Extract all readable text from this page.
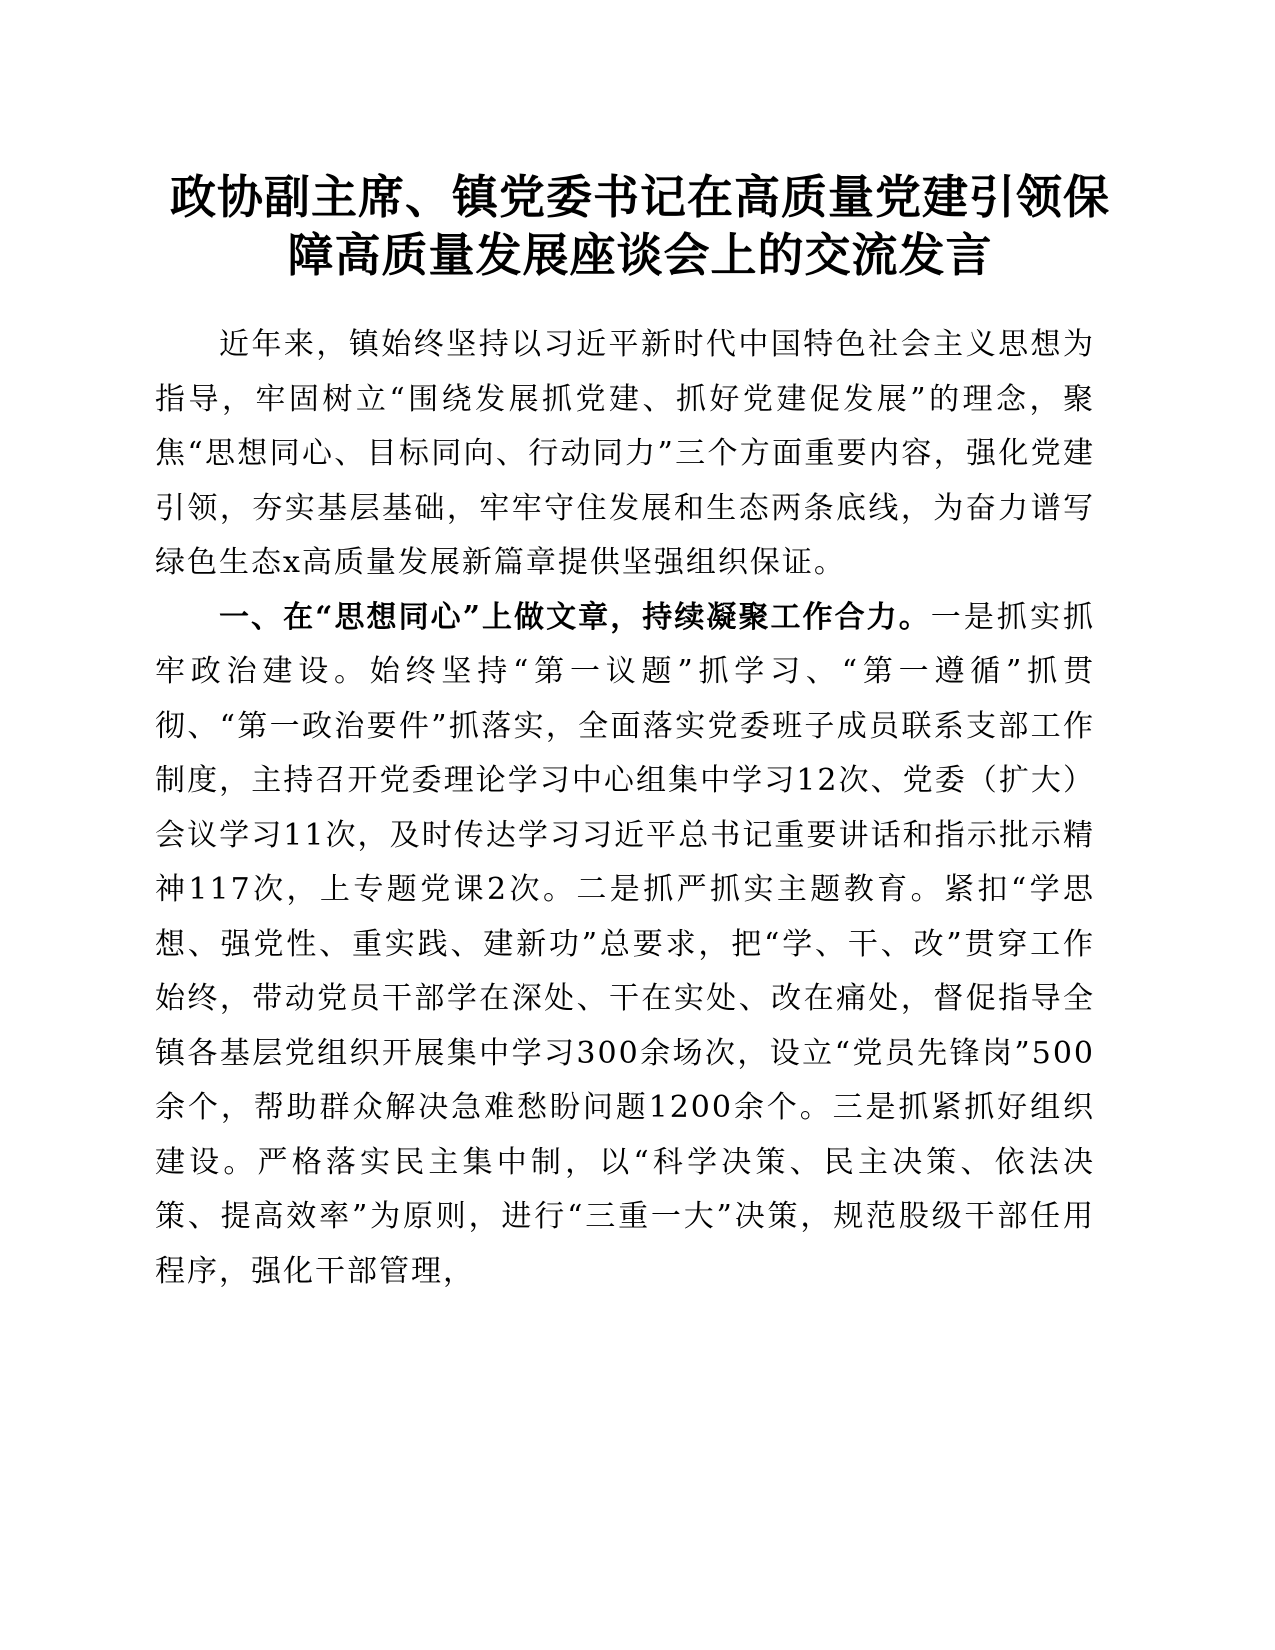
政协副主席、镇党委书记在高质量党建引领保
障高质量发展座谈会上的交流发言

近年来，镇始终坚持以习近平新时代中国特色社会主义思想为指导，牢固树立“围绕发展抓党建、抓好党建促发展”的理念，聚焦“思想同心、目标同向、行动同力”三个方面重要内容，强化党建引领，夯实基层基础，牢牢守住发展和生态两条底线，为奋力谱写绿色生态x高质量发展新篇章提供坚强组织保证。

一、在“思想同心”上做文章，持续凝聚工作合力。一是抓实抓牢政治建设。始终坚持“第一议题”抓学习、“第一遵循”抓贯彻、“第一政治要件”抓落实，全面落实党委班子成员联系支部工作制度，主持召开党委理论学习中心组集中学习12次、党委（扩大）会议学习11次，及时传达学习习近平总书记重要讲话和指示批示精神117次，上专题党课2次。二是抓严抓实主题教育。紧扣“学思想、强党性、重实践、建新功”总要求，把“学、干、改”贯穿工作始终，带动党员干部学在深处、干在实处、改在痛处，督促指导全镇各基层党组织开展集中学习300余场次，设立“党员先锋岗”500余个，帮助群众解决急难愁盼问题1200余个。三是抓紧抓好组织建设。严格落实民主集中制，以“科学决策、民主决策、依法决策、提高效率”为原则，进行“三重一大”决策，规范股级干部任用程序，强化干部管理，
